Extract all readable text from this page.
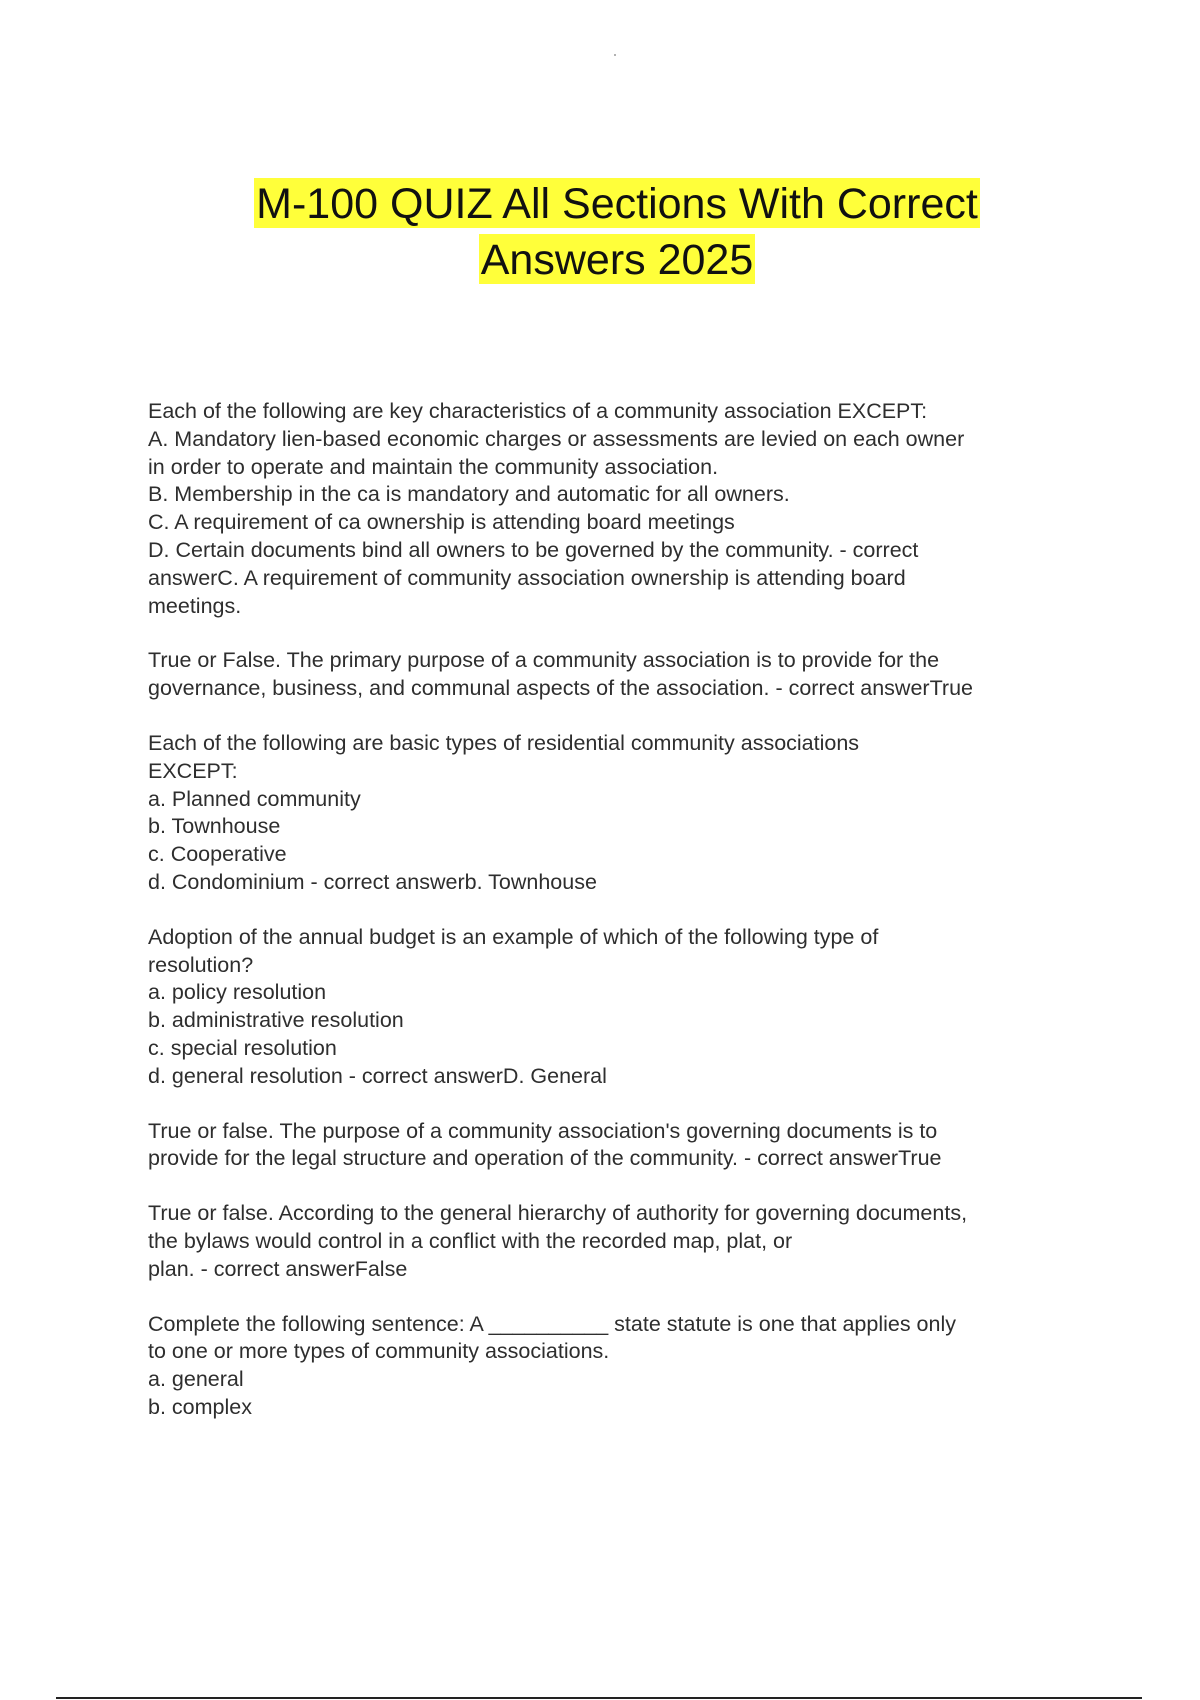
M-100 QUIZ All Sections With Correct
Answers 2025

Each of the following are key characteristics of a community association EXCEPT:

A. Mandatory lien-based economic charges or assessments are levied on each owner

in order to operate and maintain the community association.

B. Membership in the ca is mandatory and automatic for all owners.

C. A requirement of ca ownership is attending board meetings

D. Certain documents bind all owners to be governed by the community. - correct

answerC. A requirement of community association ownership is attending board

meetings.

True or False. The primary purpose of a community association is to provide for the

governance, business, and communal aspects of the association. - correct answerTrue

Each of the following are basic types of residential community associations

EXCEPT:

a. Planned community

b. Townhouse

c. Cooperative

d. Condominium - correct answerb. Townhouse

Adoption of the annual budget is an example of which of the following type of

resolution?

a. policy resolution

b. administrative resolution

c. special resolution

d. general resolution - correct answerD. General

True or false. The purpose of a community association's governing documents is to

provide for the legal structure and operation of the community. - correct answerTrue

True or false. According to the general hierarchy of authority for governing documents,

the bylaws would control in a conflict with the recorded map, plat, or

plan. - correct answerFalse

Complete the following sentence: A __________ state statute is one that applies only

to one or more types of community associations.

a. general

b. complex
